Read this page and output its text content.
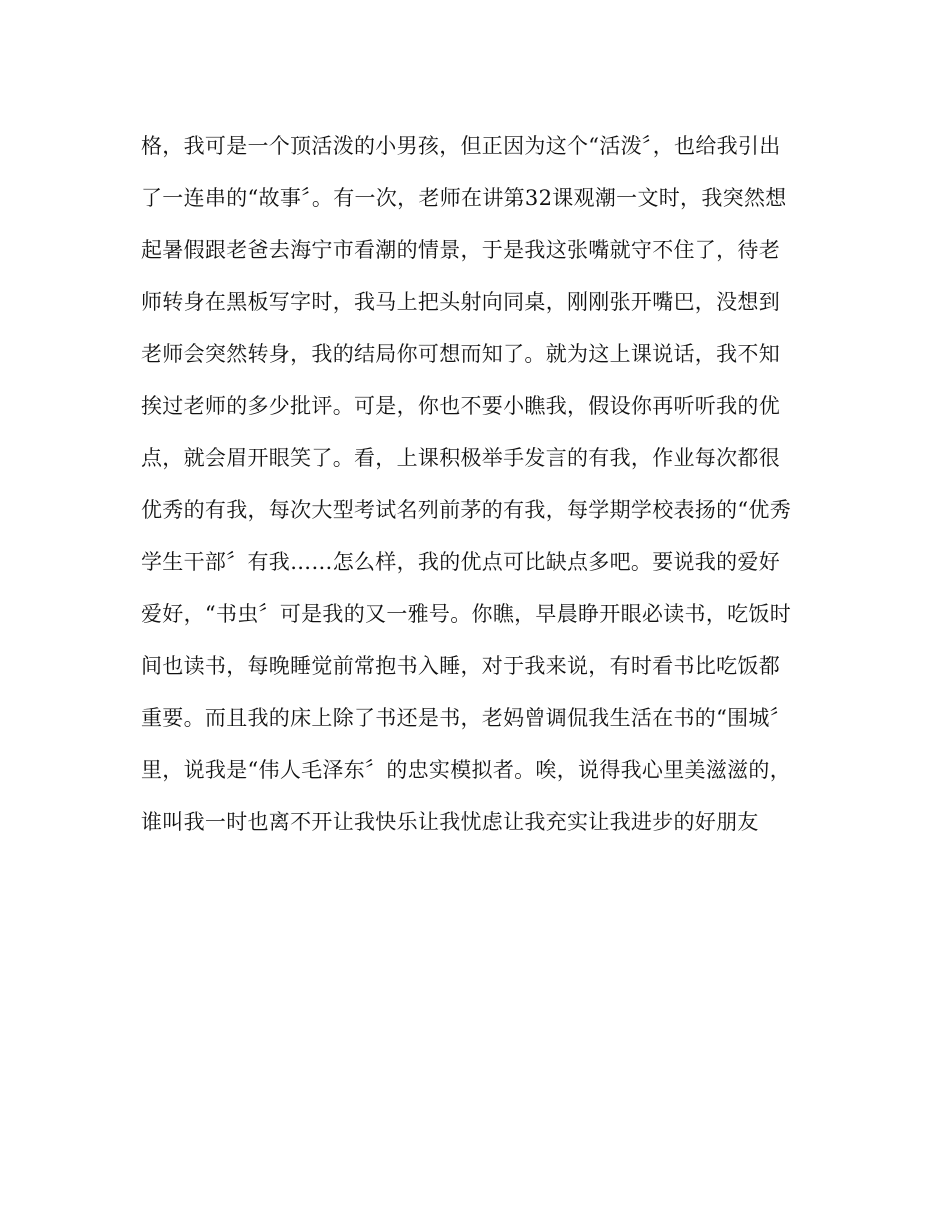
格，我可是一个顶活泼的小男孩，但正因为这个“活泼〞，也给我引出
了一连串的“故事〞。有一次，老师在讲第32课观潮一文时，我突然想
起暑假跟老爸去海宁市看潮的情景，于是我这张嘴就守不住了，待老
师转身在黑板写字时，我马上把头射向同桌，刚刚张开嘴巴，没想到
老师会突然转身，我的结局你可想而知了。就为这上课说话，我不知
挨过老师的多少批评。可是，你也不要小瞧我，假设你再听听我的优
点，就会眉开眼笑了。看，上课积极举手发言的有我，作业每次都很
优秀的有我，每次大型考试名列前茅的有我，每学期学校表扬的“优秀
学生干部〞有我……怎么样，我的优点可比缺点多吧。要说我的爱好
爱好，“书虫〞可是我的又一雅号。你瞧，早晨睁开眼必读书，吃饭时
间也读书，每晚睡觉前常抱书入睡，对于我来说，有时看书比吃饭都
重要。而且我的床上除了书还是书，老妈曾调侃我生活在书的“围城〞
里，说我是“伟人毛泽东〞的忠实模拟者。唉，说得我心里美滋滋的，
谁叫我一时也离不开让我快乐让我忧虑让我充实让我进步的好朋友
